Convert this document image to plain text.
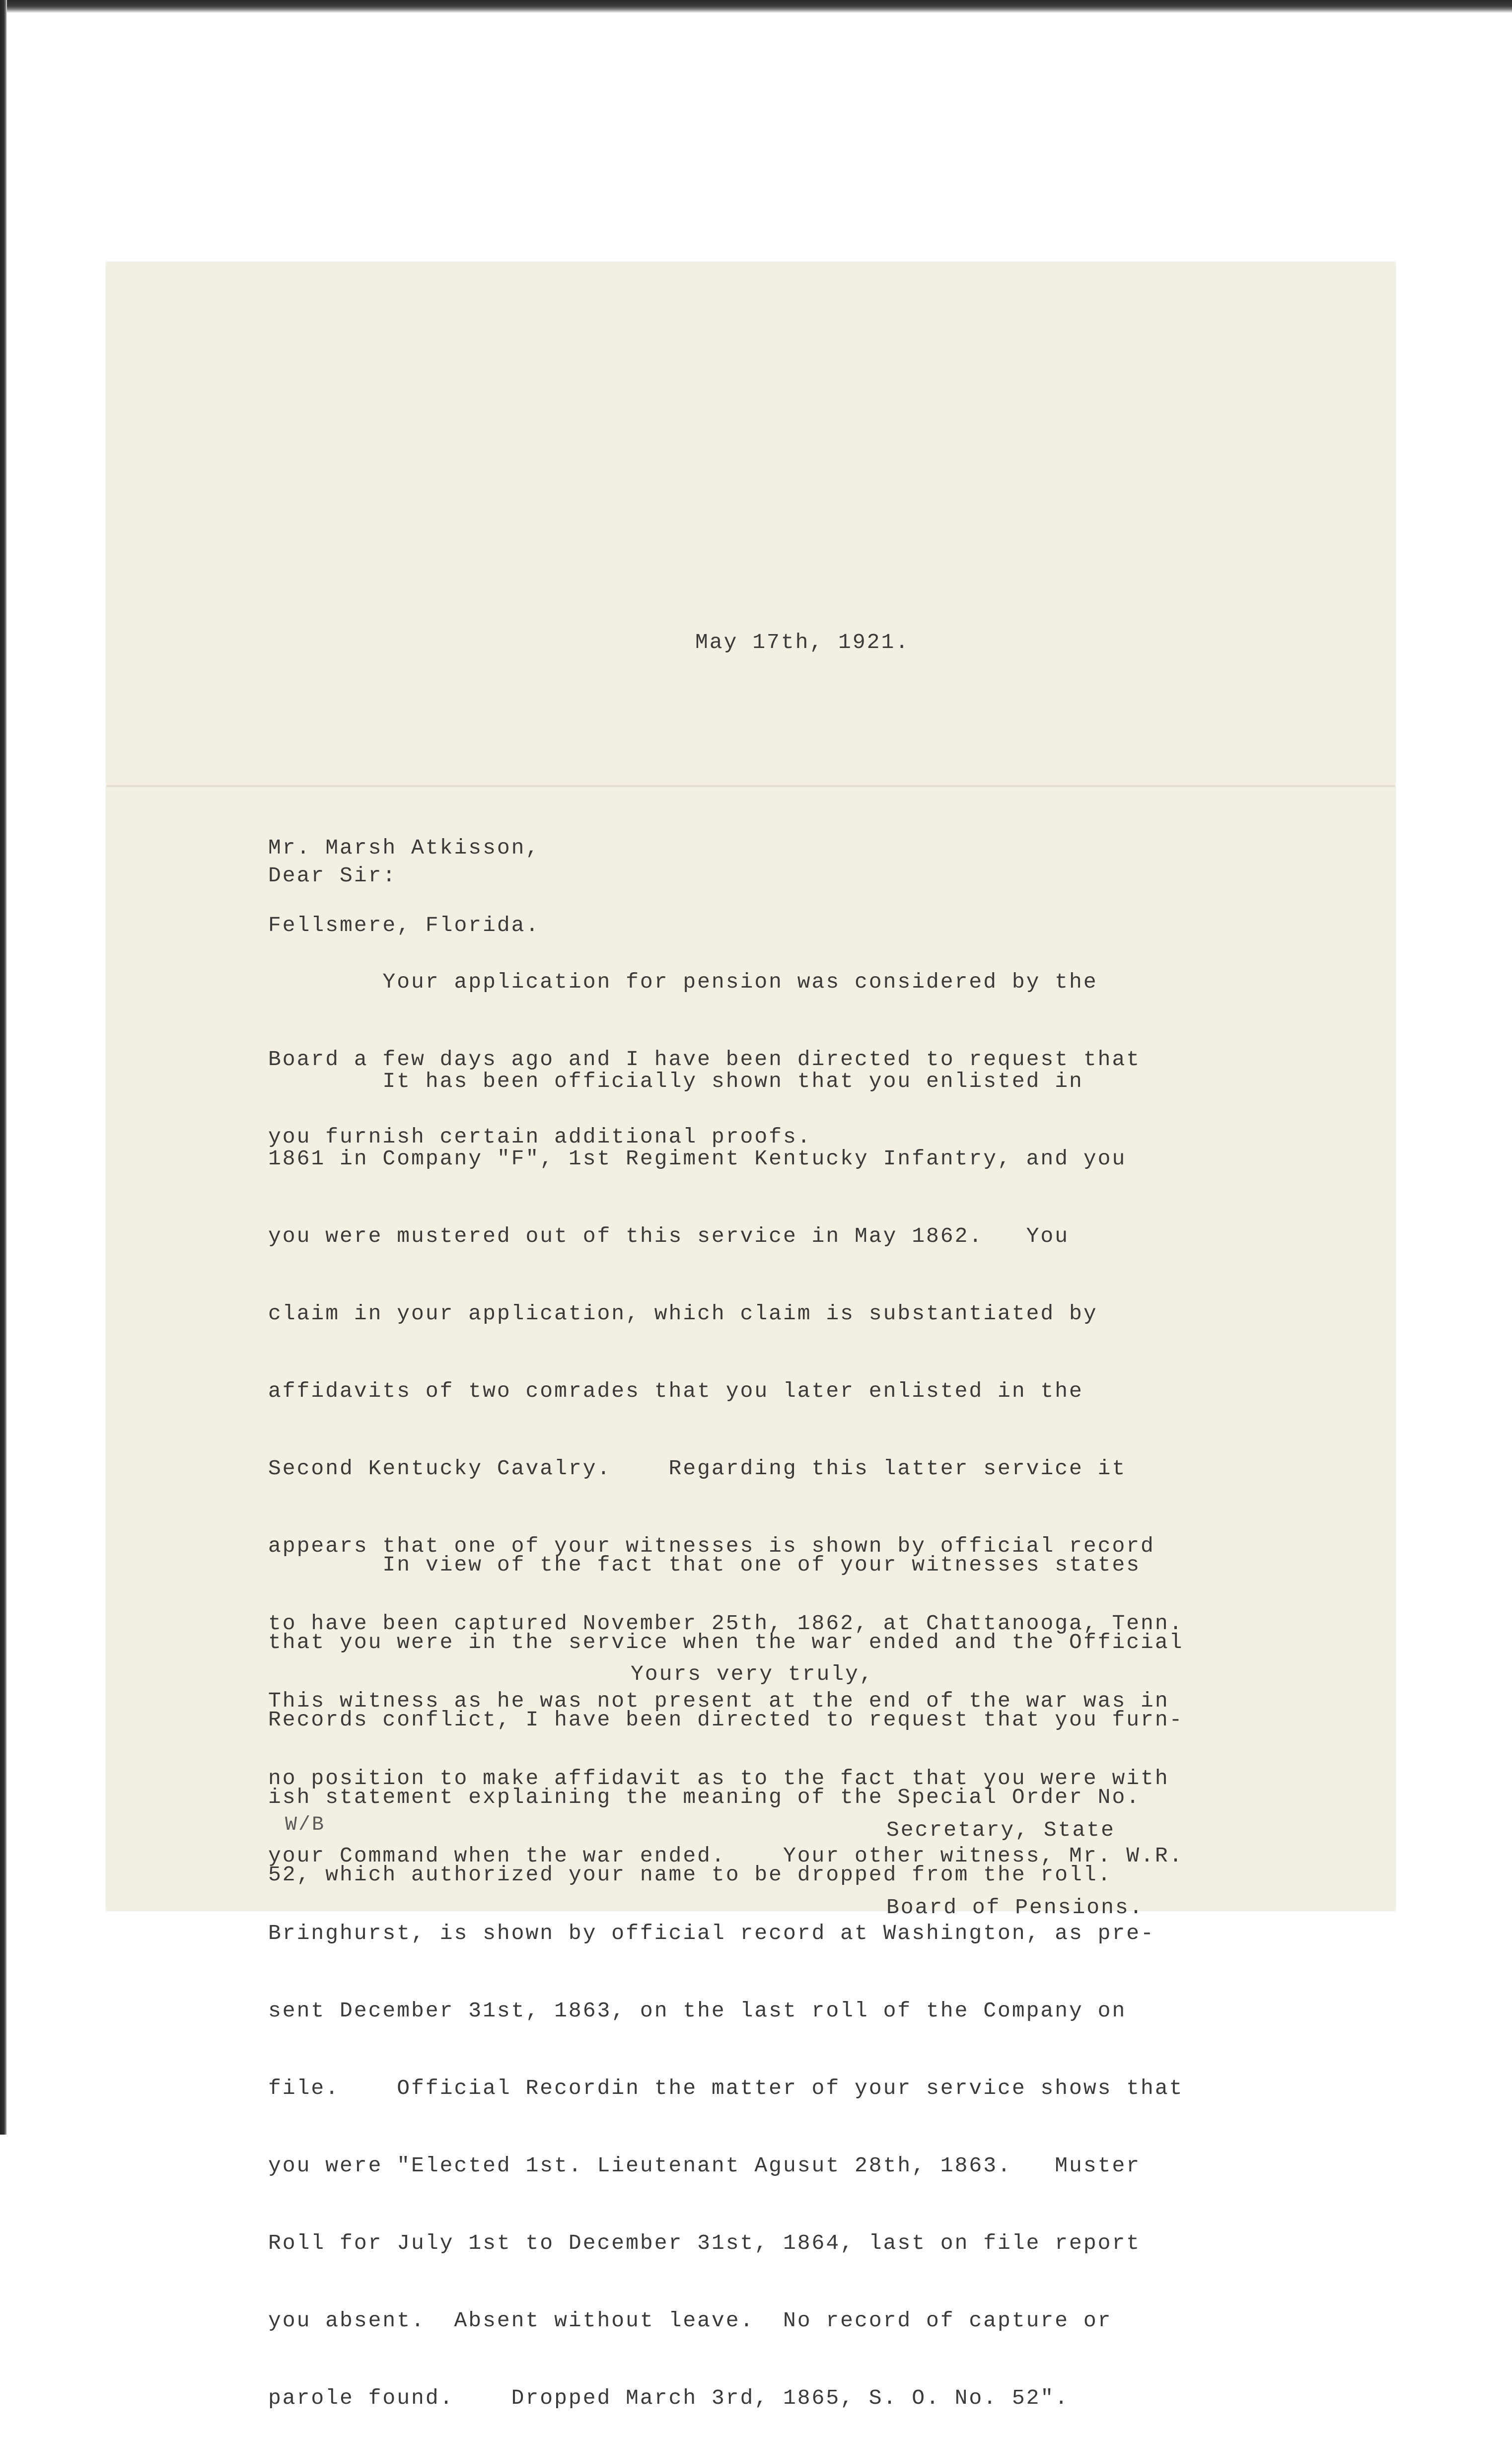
May 17th, 1921.

Mr. Marsh Atkisson,

Fellsmere, Florida.

Dear Sir:

Your application for pension was considered by the

Board a few days ago and I have been directed to request that

you furnish certain additional proofs.

It has been officially shown that you enlisted in

1861 in Company "F", 1st Regiment Kentucky Infantry, and you

you were mustered out of this service in May 1862.   You

claim in your application, which claim is substantiated by

affidavits of two comrades that you later enlisted in the

Second Kentucky Cavalry.    Regarding this latter service it

appears that one of your witnesses is shown by official record

to have been captured November 25th, 1862, at Chattanooga, Tenn.

This witness as he was not present at the end of the war was in

no position to make affidavit as to the fact that you were with

your Command when the war ended.    Your other witness, Mr. W.R.

Bringhurst, is shown by official record at Washington, as pre-

sent December 31st, 1863, on the last roll of the Company on

file.    Official Recordin the matter of your service shows that

you were "Elected 1st. Lieutenant Agusut 28th, 1863.   Muster

Roll for July 1st to December 31st, 1864, last on file report

you absent.  Absent without leave.  No record of capture or

parole found.    Dropped March 3rd, 1865, S. O. No. 52".

In view of the fact that one of your witnesses states

that you were in the service when the war ended and the Official

Records conflict, I have been directed to request that you furn-

ish statement explaining the meaning of the Special Order No.

52, which authorized your name to be dropped from the roll.

Yours very truly,

Secretary, State

Board of Pensions.

W/B
